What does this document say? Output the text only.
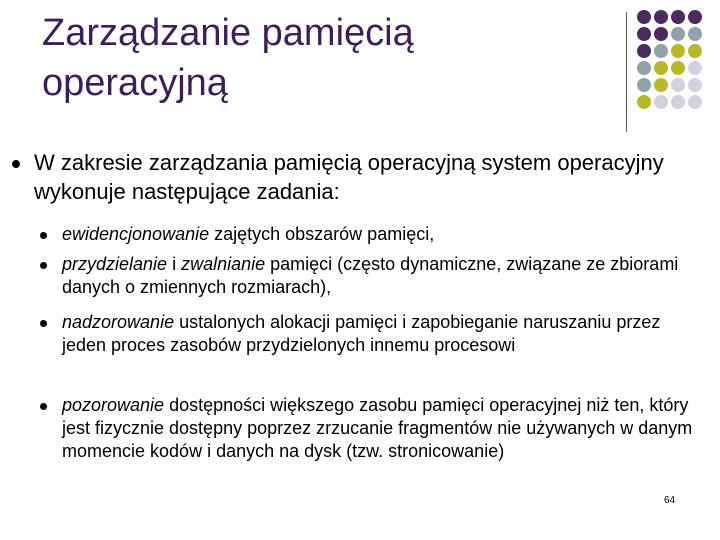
Zarządzanie pamięcią
operacyjną
W zakresie zarządzania pamięcią operacyjną system operacyjny wykonuje następujące zadania:
ewidencjonowanie zajętych obszarów pamięci,
przydzielanie i zwalnianie pamięci (często dynamiczne, związane ze zbiorami danych o zmiennych rozmiarach),
nadzorowanie ustalonych alokacji pamięci i zapobieganie naruszaniu przez jeden proces zasobów przydzielonych innemu procesowi
pozorowanie dostępności większego zasobu pamięci operacyjnej niż ten, który jest fizycznie dostępny poprzez zrzucanie fragmentów nie używanych w danym momencie kodów i danych na dysk (tzw. stronicowanie)
64
